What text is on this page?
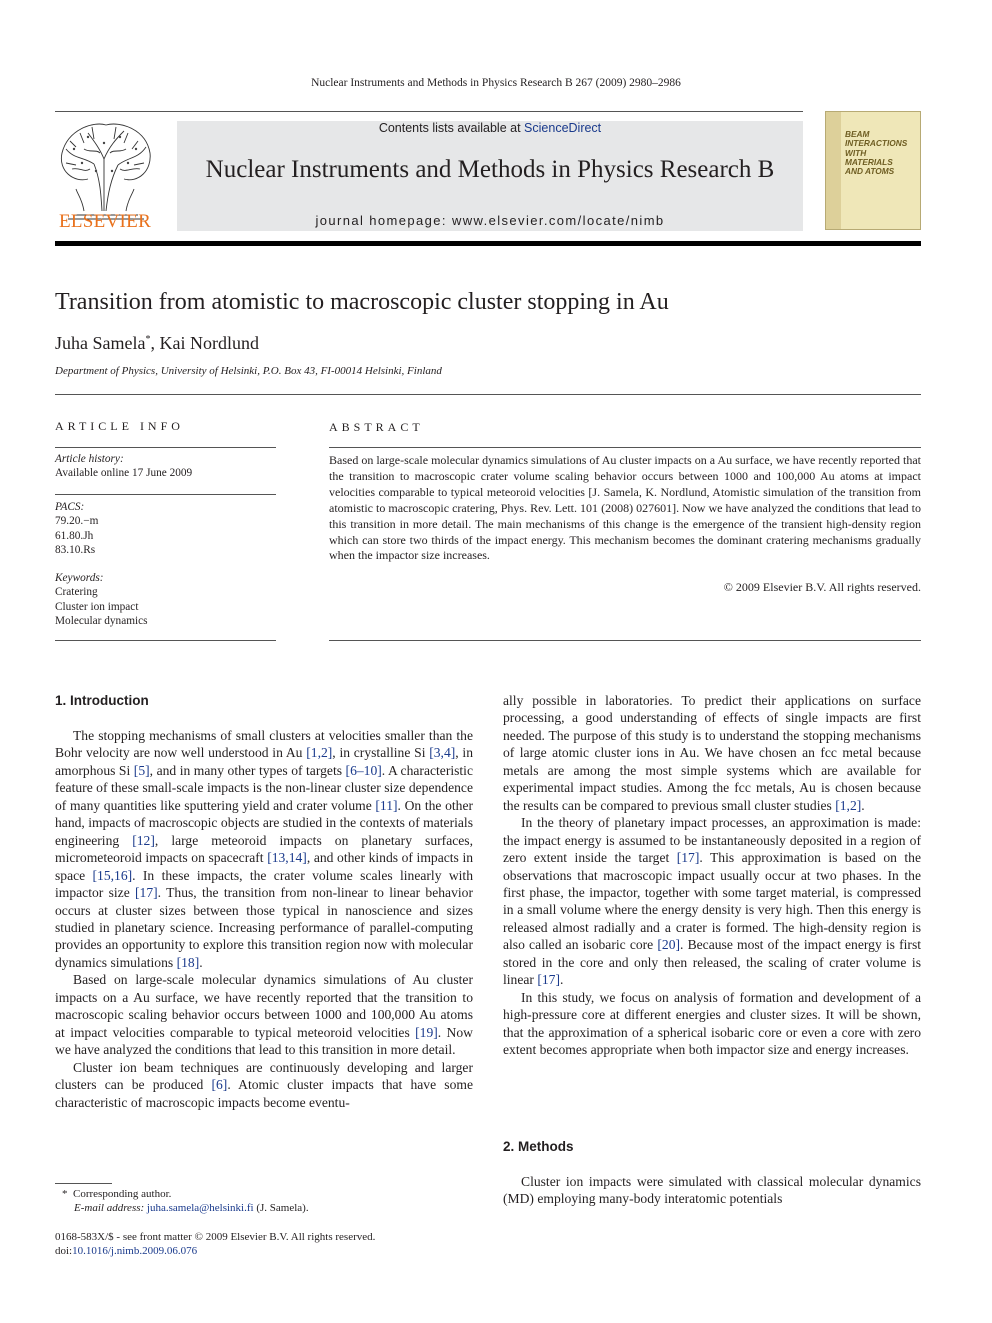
Nuclear Instruments and Methods in Physics Research B 267 (2009) 2980–2986
ELSEVIER
Contents lists available at ScienceDirect
Nuclear Instruments and Methods in Physics Research B
journal homepage: www.elsevier.com/locate/nimb
BEAM
INTERACTIONS
WITH
MATERIALS
AND ATOMS
Transition from atomistic to macroscopic cluster stopping in Au
Juha Samela*, Kai Nordlund
Department of Physics, University of Helsinki, P.O. Box 43, FI-00014 Helsinki, Finland
ARTICLE INFO
Article history:
Available online 17 June 2009
PACS:
79.20.−m
61.80.Jh
83.10.Rs
Keywords:
Cratering
Cluster ion impact
Molecular dynamics
ABSTRACT
Based on large-scale molecular dynamics simulations of Au cluster impacts on a Au surface, we have recently reported that the transition to macroscopic crater volume scaling behavior occurs between 1000 and 100,000 Au atoms at impact velocities comparable to typical meteoroid velocities [J. Samela, K. Nordlund, Atomistic simulation of the transition from atomistic to macroscopic cratering, Phys. Rev. Lett. 101 (2008) 027601]. Now we have analyzed the conditions that lead to this transition in more detail. The main mechanisms of this change is the emergence of the transient high-density region which can store two thirds of the impact energy. This mechanism becomes the dominant cratering mechanisms gradually when the impactor size increases.
© 2009 Elsevier B.V. All rights reserved.
1. Introduction

The stopping mechanisms of small clusters at velocities smaller than the Bohr velocity are now well understood in Au [1,2], in crystalline Si [3,4], in amorphous Si [5], and in many other types of targets [6–10]. A characteristic feature of these small-scale impacts is the non-linear cluster size dependence of many quantities like sputtering yield and crater volume [11]. On the other hand, impacts of macroscopic objects are studied in the contexts of materials engineering [12], large meteoroid impacts on planetary surfaces, micrometeoroid impacts on spacecraft [13,14], and other kinds of impacts in space [15,16]. In these impacts, the crater volume scales linearly with impactor size [17]. Thus, the transition from non-linear to linear behavior occurs at cluster sizes between those typical in nanoscience and sizes studied in planetary science. Increasing performance of parallel-computing provides an opportunity to explore this transition region now with molecular dynamics simulations [18].

Based on large-scale molecular dynamics simulations of Au cluster impacts on a Au surface, we have recently reported that the transition to macroscopic scaling behavior occurs between 1000 and 100,000 Au atoms at impact velocities comparable to typical meteoroid velocities [19]. Now we have analyzed the conditions that lead to this transition in more detail.

Cluster ion beam techniques are continuously developing and larger clusters can be produced [6]. Atomic cluster impacts that have some characteristic of macroscopic impacts become eventu-

ally possible in laboratories. To predict their applications on surface processing, a good understanding of effects of single impacts are first needed. The purpose of this study is to understand the stopping mechanisms of large atomic cluster ions in Au. We have chosen an fcc metal because metals are among the most simple systems which are available for experimental impact studies. Among the fcc metals, Au is chosen because the results can be compared to previous small cluster studies [1,2].

In the theory of planetary impact processes, an approximation is made: the impact energy is assumed to be instantaneously deposited in a region of zero extent inside the target [17]. This approximation is based on the observations that macroscopic impact usually occur at two phases. In the first phase, the impactor, together with some target material, is compressed in a small volume where the energy density is very high. Then this energy is released almost radially and a crater is formed. The high-density region is also called an isobaric core [20]. Because most of the impact energy is first stored in the core and only then released, the scaling of crater volume is linear [17].

In this study, we focus on analysis of formation and development of a high-pressure core at different energies and cluster sizes. It will be shown, that the approximation of a spherical isobaric core or even a core with zero extent becomes appropriate when both impactor size and energy increases.

2. Methods

Cluster ion impacts were simulated with classical molecular dynamics (MD) employing many-body interatomic potentials

* Corresponding author.
E-mail address: juha.samela@helsinki.fi (J. Samela).
0168-583X/$ - see front matter © 2009 Elsevier B.V. All rights reserved.
doi:10.1016/j.nimb.2009.06.076
